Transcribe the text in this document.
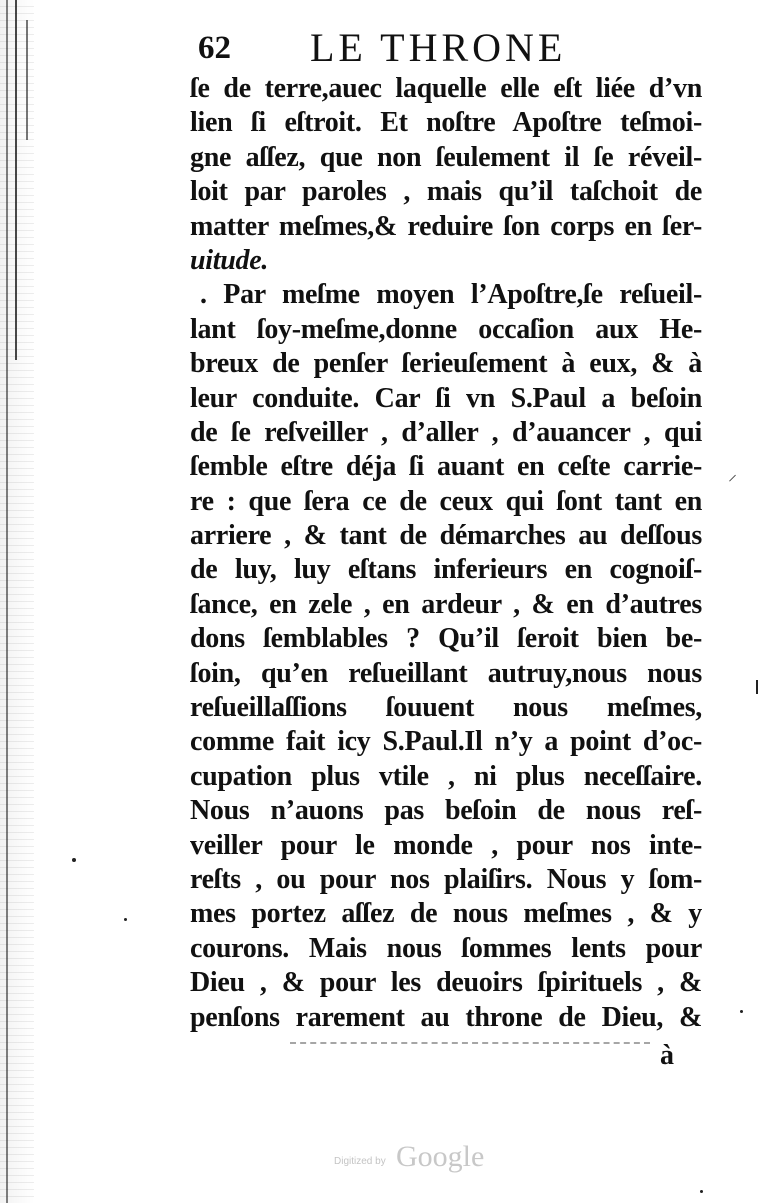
62 LE THRONE
ſe de terre,auec laquelle elle eſt liée d’vn
lien ſi eſtroit. Et noſtre Apoſtre teſmoi-
gne aſſez, que non ſeulement il ſe réveil-
loit par paroles , mais qu’il taſchoit de
matter meſmes,& reduire ſon corps en ſer-
uitude.
. Par meſme moyen l’Apoſtre,ſe reſueil-
lant ſoy-meſme,donne occaſion aux He-
breux de penſer ſerieuſement à eux, & à
leur conduite. Car ſi vn S.Paul a beſoin
de ſe reſveiller , d’aller , d’auancer , qui
ſemble eſtre déja ſi auant en ceſte carrie-
re : que ſera ce de ceux qui ſont tant en
arriere , & tant de démarches au deſſous
de luy, luy eſtans inferieurs en cognoiſ-
ſance, en zele , en ardeur , & en d’autres
dons ſemblables ? Qu’il ſeroit bien be-
ſoin, qu’en reſueillant autruy,nous nous
reſueillaſſions ſouuent nous meſmes,
comme fait icy S.Paul.Il n’y a point d’oc-
cupation plus vtile , ni plus neceſſaire.
Nous n’auons pas beſoin de nous reſ-
veiller pour le monde , pour nos inte-
reſts , ou pour nos plaiſirs. Nous y ſom-
mes portez aſſez de nous meſmes , & y
courons. Mais nous ſommes lents pour
Dieu , & pour les deuoirs ſpirituels , &
penſons rarement au throne de Dieu, &
à
⸝
Digitized by Google
